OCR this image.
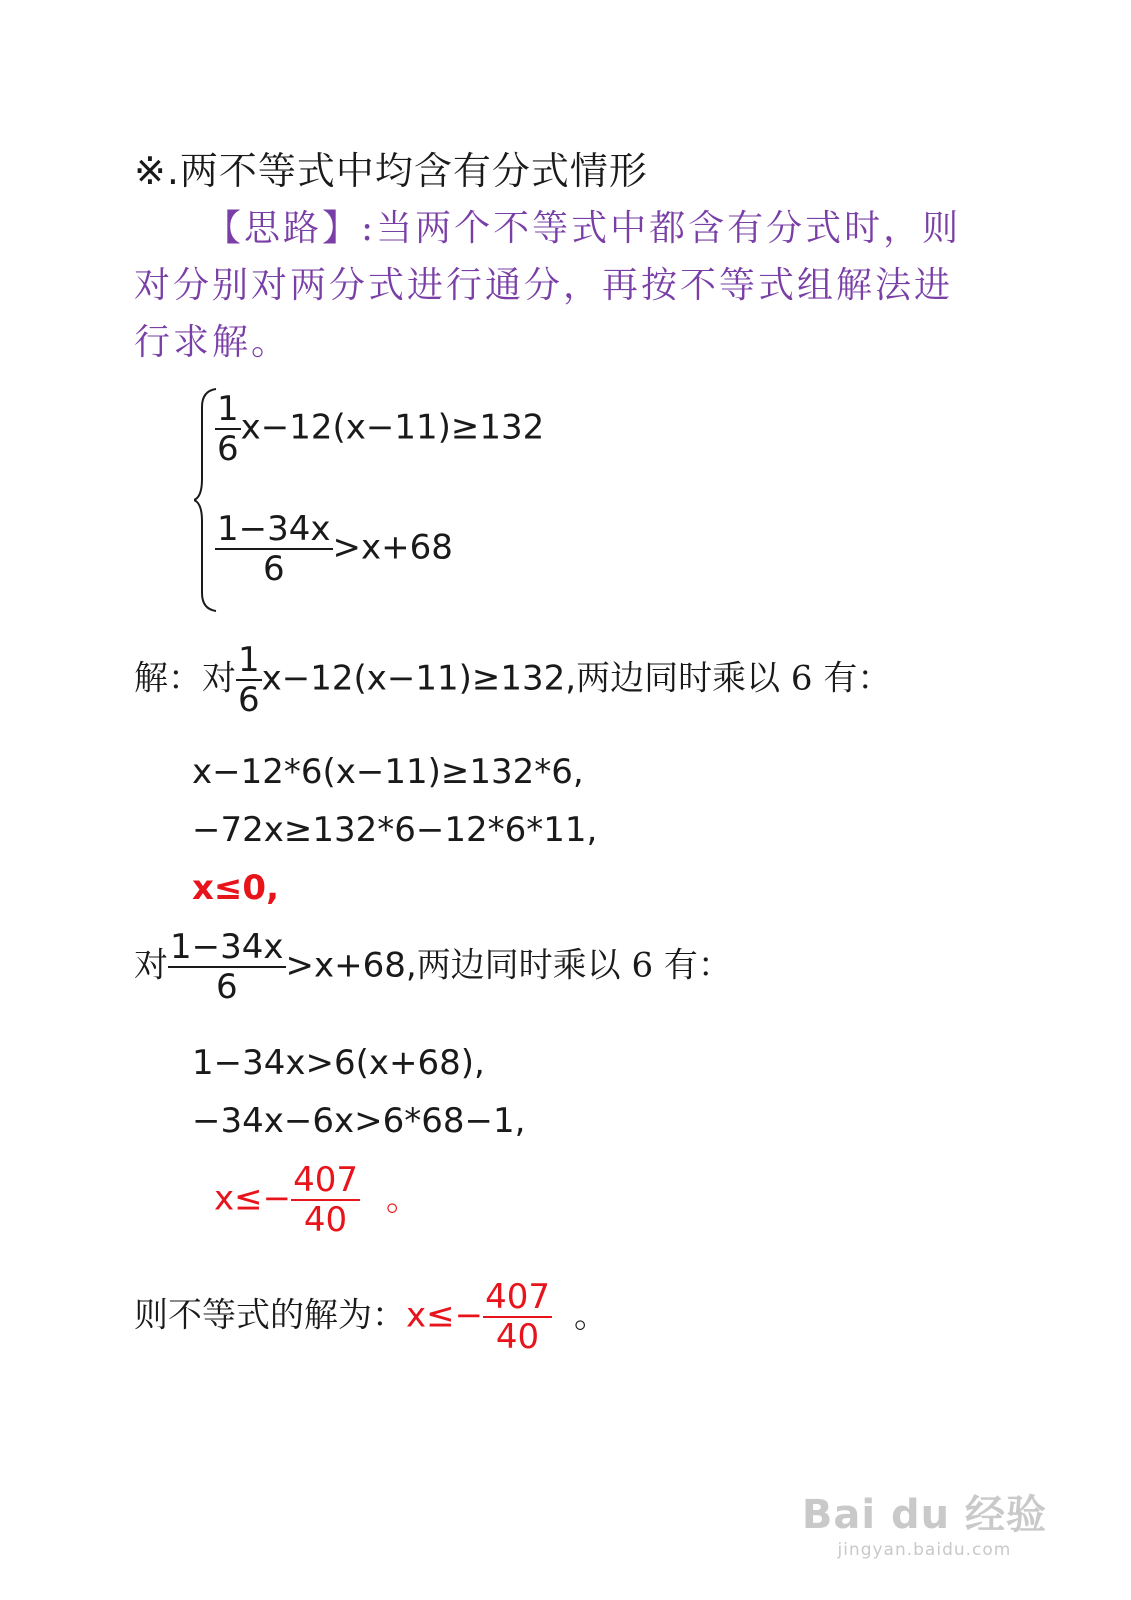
※.两不等式中均含有分式情形
【思路】:当两个不等式中都含有分式时，则
对分别对两分式进行通分，再按不等式组解法进
行求解。
$\frac{1}{6} x-12(x-11)\ge 132$
$\frac{1-34x}{6} >x+68$
解：对 $\frac{1}{6} x-12(x-11)\ge 132$,两边同时乘以 6 有：
x−12*6(x−11)≥132*6,
−72x≥132*6−12*6*11,
x≤0,
对 $\frac{1-34x}{6} >x+68$,两边同时乘以 6 有：
1−34x>6(x+68),
−34x−6x>6*68−1,
$x\le- \frac{407}{40}$ 。
则不等式的解为：$x\le- \frac{407}{40}$ 。
Bai du 经验
jingyan.baidu.com
